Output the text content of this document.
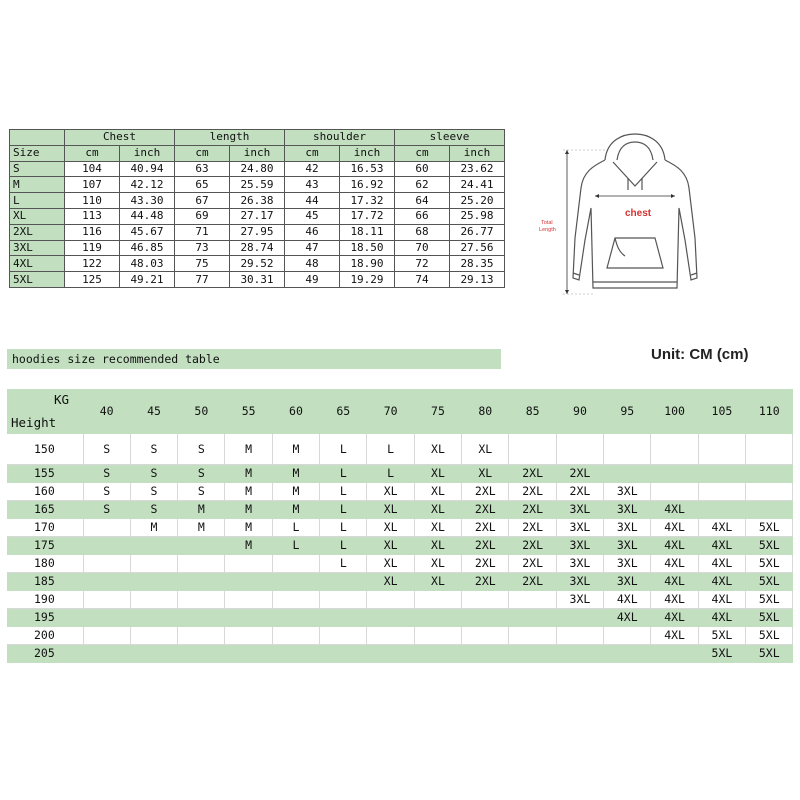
	Chest		length		shoulder		sleeve	
Size	cm	inch	cm	inch	cm	inch	cm	inch
S	104	40.94	63	24.80	42	16.53	60	23.62
M	107	42.12	65	25.59	43	16.92	62	24.41
L	110	43.30	67	26.38	44	17.32	64	25.20
XL	113	44.48	69	27.17	45	17.72	66	25.98
2XL	116	45.67	71	27.95	46	18.11	68	26.77
3XL	119	46.85	73	28.74	47	18.50	70	27.56
4XL	122	48.03	75	29.52	48	18.90	72	28.35
5XL	125	49.21	77	30.31	49	19.29	74	29.13
chest
Total
Length
hoodies size recommended table	Unit: CM (cm)
KG
Height	40	45	50	55	60	65	70	75	80	85	90	95	100	105	110
150	S	S	S	M	M	L	L	XL	XL						
155	S	S	S	M	M	L	L	XL	XL	2XL	2XL				
160	S	S	S	M	M	L	XL	XL	2XL	2XL	2XL	3XL			
165	S	S	M	M	M	L	XL	XL	2XL	2XL	3XL	3XL	4XL		
170		M	M	M	L	L	XL	XL	2XL	2XL	3XL	3XL	4XL	4XL	5XL
175				M	L	L	XL	XL	2XL	2XL	3XL	3XL	4XL	4XL	5XL
180						L	XL	XL	2XL	2XL	3XL	3XL	4XL	4XL	5XL
185							XL	XL	2XL	2XL	3XL	3XL	4XL	4XL	5XL
190											3XL	4XL	4XL	4XL	5XL
195												4XL	4XL	4XL	5XL
200													4XL	5XL	5XL
205														5XL	5XL
